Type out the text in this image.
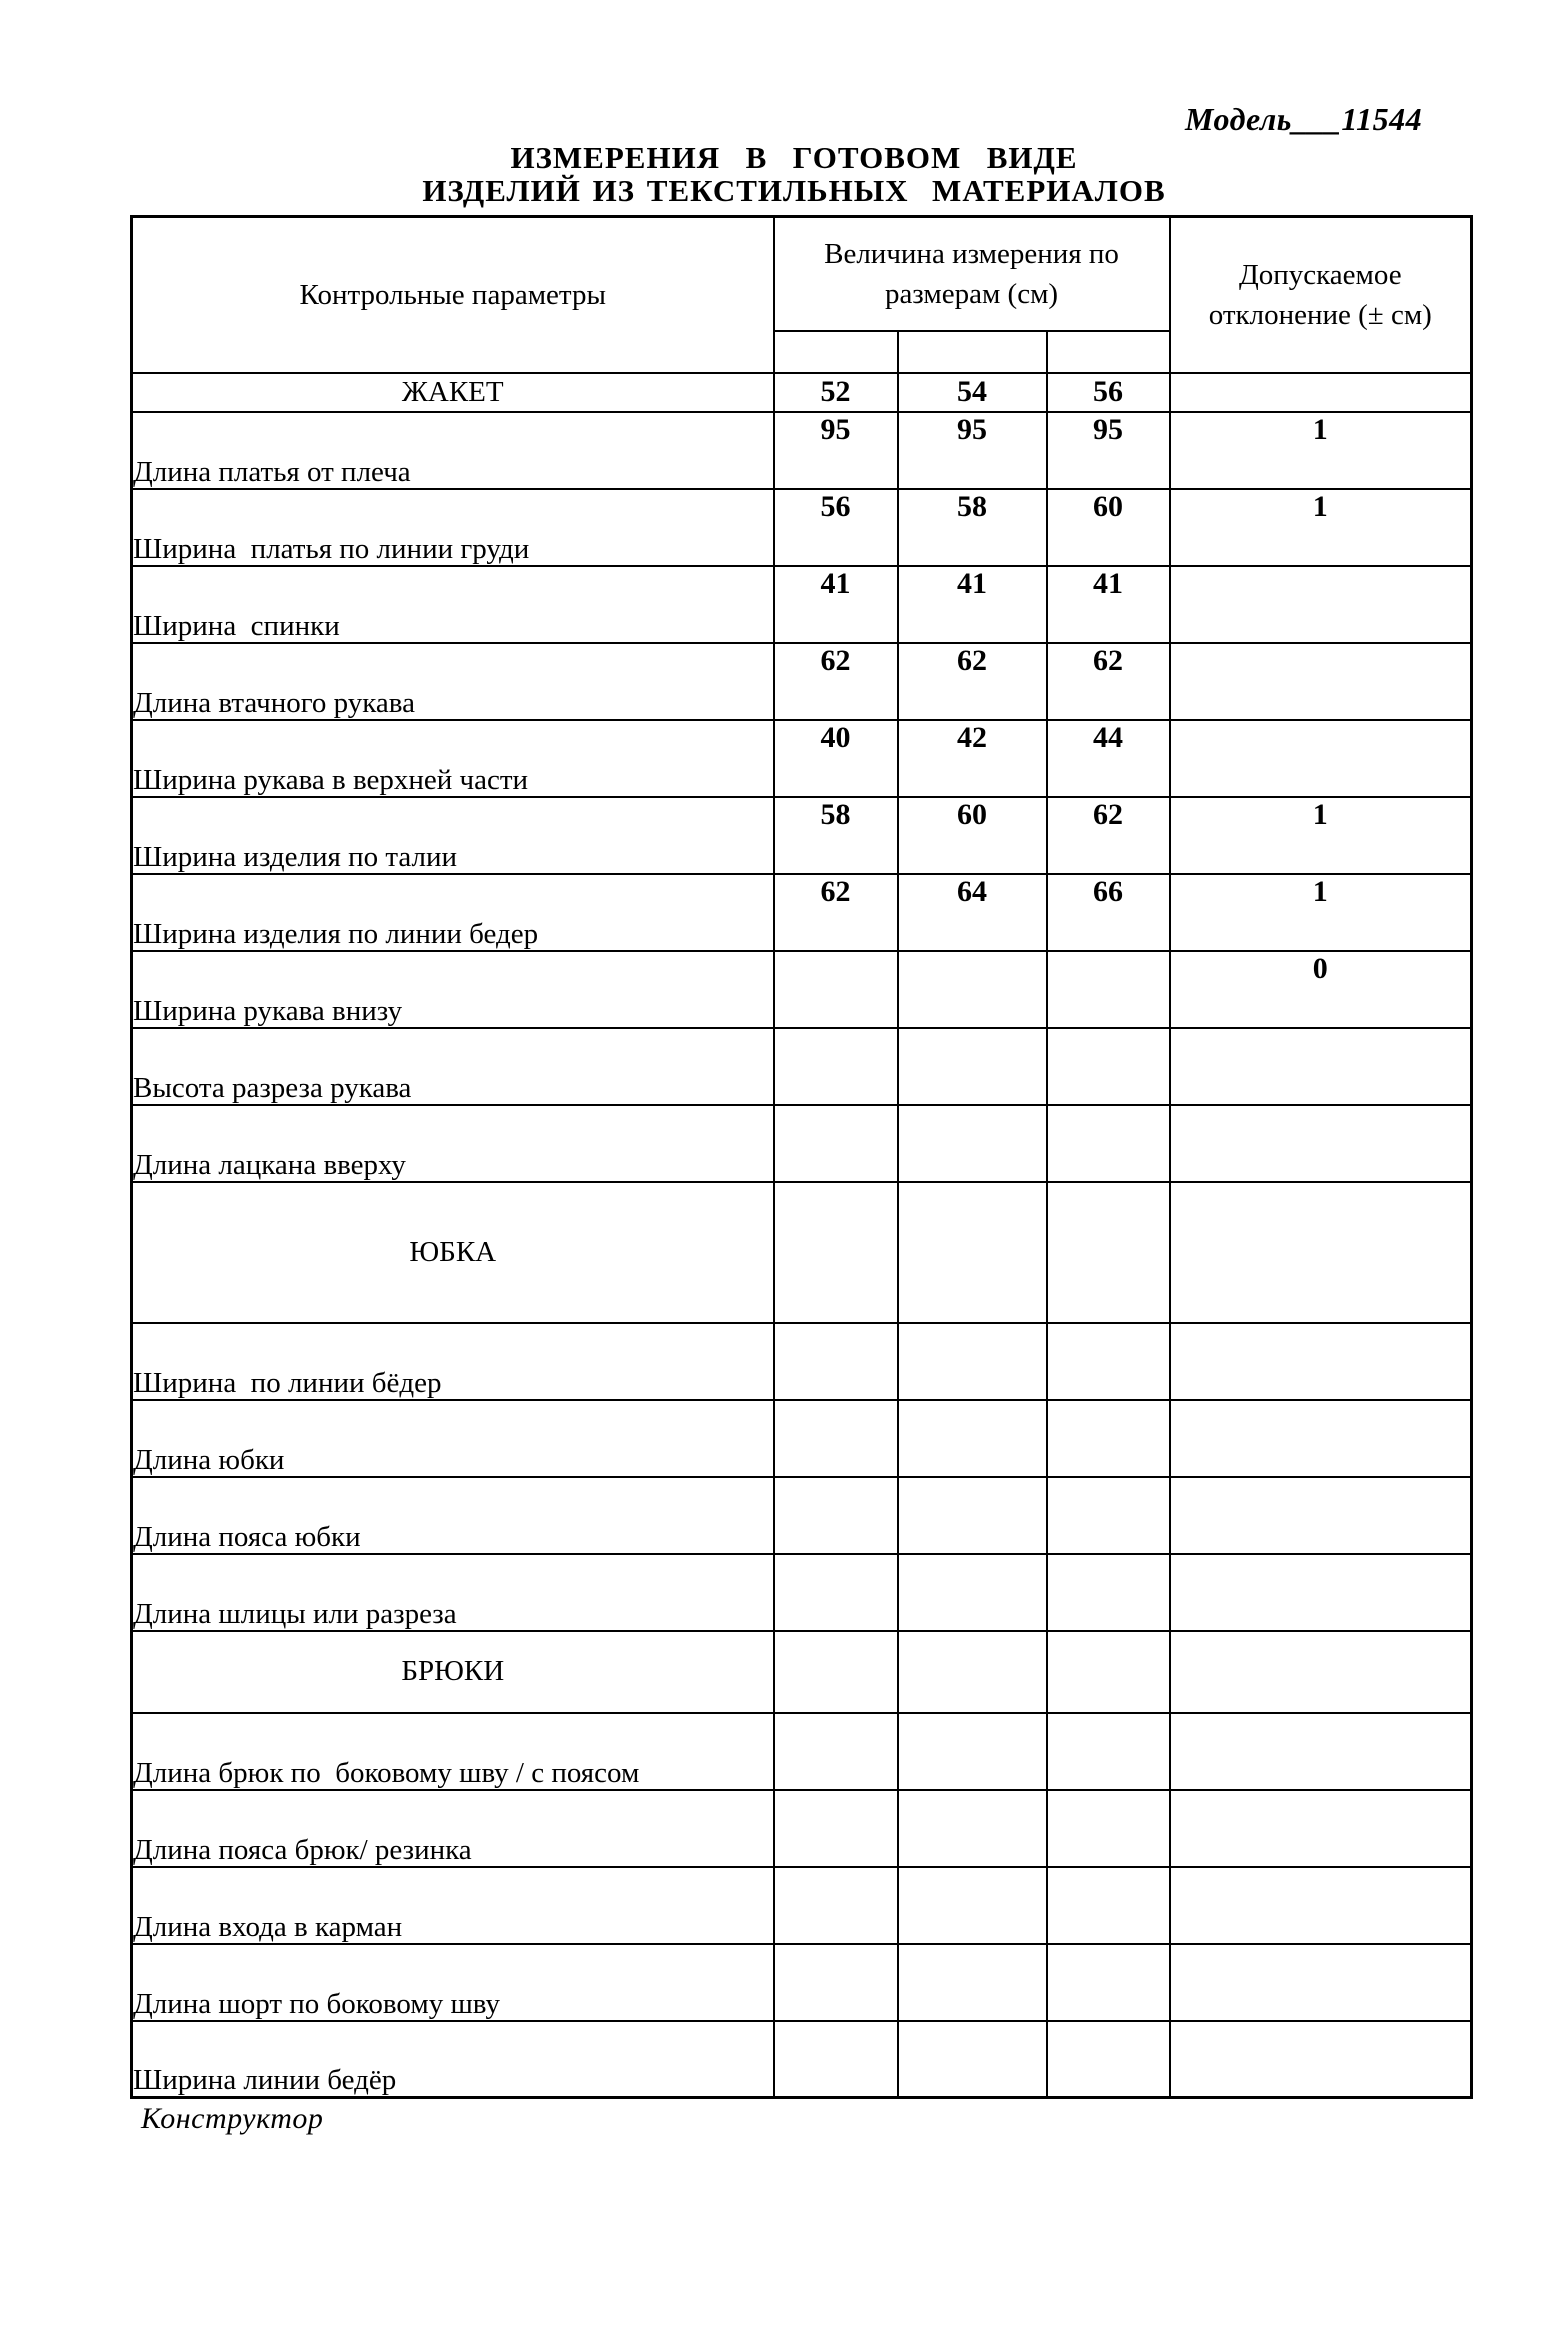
Модель___11544
ИЗМЕРЕНИЯ  В  ГОТОВОМ  ВИДЕ
ИЗДЕЛИЙ ИЗ ТЕКСТИЛЬНЫХ  МАТЕРИАЛОВ
Контрольные параметры	Величина измерения по размерам (см)			Допускаемое отклонение (± см)

ЖАКЕТ	52	54	56	
Длина платья от плеча	95	95	95	1
Ширина  платья по линии груди	56	58	60	1
Ширина  спинки	41	41	41	
Длина втачного рукава	62	62	62	
Ширина рукава в верхней части	40	42	44	
Ширина изделия по талии	58	60	62	1
Ширина изделия по линии бедер	62	64	66	1
Ширина рукава внизу				0
Высота разреза рукава				
Длина лацкана вверху				
ЮБКА				
Ширина  по линии бёдер				
Длина юбки				
Длина пояса юбки				
Длина шлицы или разреза				
БРЮКИ				
Длина брюк по  боковому шву / с поясом				
Длина пояса брюк/ резинка				
Длина входа в карман				
Длина шорт по боковому шву				
Ширина линии бедёр				
Конструктор
